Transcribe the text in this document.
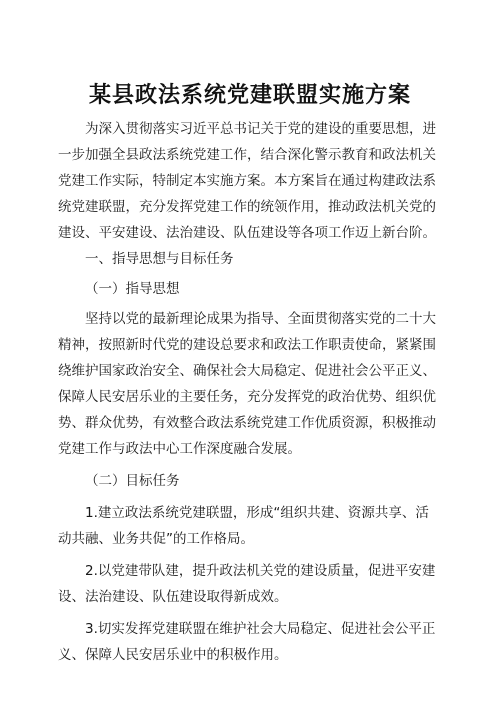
某县政法系统党建联盟实施方案

为深入贯彻落实习近平总书记关于党的建设的重要思想，进一步加强全县政法系统党建工作，结合深化警示教育和政法机关党建工作实际，特制定本实施方案。本方案旨在通过构建政法系统党建联盟，充分发挥党建工作的统领作用，推动政法机关党的建设、平安建设、法治建设、队伍建设等各项工作迈上新台阶。

一、指导思想与目标任务

（一）指导思想

坚持以党的最新理论成果为指导、全面贯彻落实党的二十大精神，按照新时代党的建设总要求和政法工作职责使命，紧紧围绕维护国家政治安全、确保社会大局稳定、促进社会公平正义、保障人民安居乐业的主要任务，充分发挥党的政治优势、组织优势、群众优势，有效整合政法系统党建工作优质资源，积极推动党建工作与政法中心工作深度融合发展。

（二）目标任务

1.建立政法系统党建联盟，形成“组织共建、资源共享、活动共融、业务共促”的工作格局。

2.以党建带队建，提升政法机关党的建设质量，促进平安建设、法治建设、队伍建设取得新成效。

3.切实发挥党建联盟在维护社会大局稳定、促进社会公平正义、保障人民安居乐业中的积极作用。
